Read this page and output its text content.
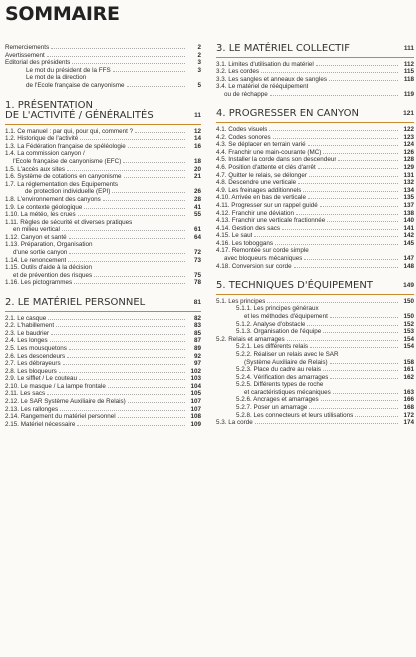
SOMMAIRE
Remerciements	2
Avertissement	2
Editorial des présidents	3
Le mot du président de la FFS	3
Le mot de la direction
de l'Ecole française de canyonisme	5
1. PRÉSENTATION
DE L'ACTIVITÉ / GÉNÉRALITÉS	11
1.1. Ce manuel : par qui, pour qui, comment ?	12
1.2. Historique de l'activité	14
1.3. La Fédération française de spéléologie	16
1.4. La commission canyon /
l'Ecole française de canyonisme (EFC)	18
1.5. L'accès aux sites	20
1.6. Système de cotations en canyonisme	21
1.7. La réglementation des Equipements
de protection individuelle (EPI)	26
1.8. L'environnement des canyons	28
1.9. Le contexte géologique	41
1.10. La météo, les crues	55
1.11. Règles de sécurité et diverses pratiques
en milieu vertical	61
1.12. Canyon et santé	64
1.13. Préparation, Organisation
d'une sortie canyon	72
1.14. Le renoncement	73
1.15. Outils d'aide à la décision
et de prévention des risques	75
1.16. Les pictogrammes	78
2. LE MATÉRIEL PERSONNEL	81
2.1. Le casque	82
2.2. L'habillement	83
2.3. Le baudrier	85
2.4. Les longes	87
2.5. Les mousquetons	89
2.6. Les descendeurs	92
2.7. Les débrayeurs	97
2.8. Les bloqueurs	102
2.9. Le sifflet / Le couteau	103
2.10. Le masque / La lampe frontale	104
2.11. Les sacs	105
2.12. Le SAR Système Auxiliaire de Relais)	107
2.13. Les rallonges	107
2.14. Rangement du matériel personnel	108
2.15. Matériel nécessaire	109
3. LE MATÉRIEL COLLECTIF	111
3.1. Limites d'utilisation du matériel	112
3.2. Les cordes	115
3.3. Les sangles et anneaux de sangles	118
3.4. Le matériel de rééquipement
ou de réchappe	119
4. PROGRESSER EN CANYON	121
4.1. Codes visuels	122
4.2. Codes sonores	123
4.3. Se déplacer en terrain varié	124
4.4. Franchir une main-courante (MC)	126
4.5. Installer la corde dans son descendeur	128
4.6. Position d'attente et clés d'arrêt	129
4.7. Quitter le relais, se délonger	131
4.8. Descendre une verticale	132
4.9. Les freinages additionnels	134
4.10. Arrivée en bas de verticale	135
4.11. Progresser sur un rappel guidé	137
4.12. Franchir une déviation	138
4.13. Franchir une verticale fractionnée	140
4.14. Gestion des sacs	141
4.15. Le saut	142
4.16. Les toboggans	145
4.17. Remontée sur corde simple
avec bloqueurs mécaniques	147
4.18. Conversion sur corde	148
5. TECHNIQUES D'ÉQUIPEMENT	149
5.1. Les principes	150
5.1.1. Les principes généraux
et les méthodes d'équipement	150
5.1.2. Analyse d'obstacle	152
5.1.3. Organisation de l'équipe	153
5.2. Relais et amarrages	154
5.2.1. Les différents relais	154
5.2.2. Réaliser un relais avec le SAR
(Système Auxiliaire de Relais)	158
5.2.3. Place du cadre au relais	161
5.2.4. Vérification des amarrages	162
5.2.5. Différents types de roche
et caractéristiques mécaniques	163
5.2.6. Ancrages et amarrages	166
5.2.7. Poser un amarrage	168
5.2.8. Les connecteurs et leurs utilisations	172
5.3. La corde	174
